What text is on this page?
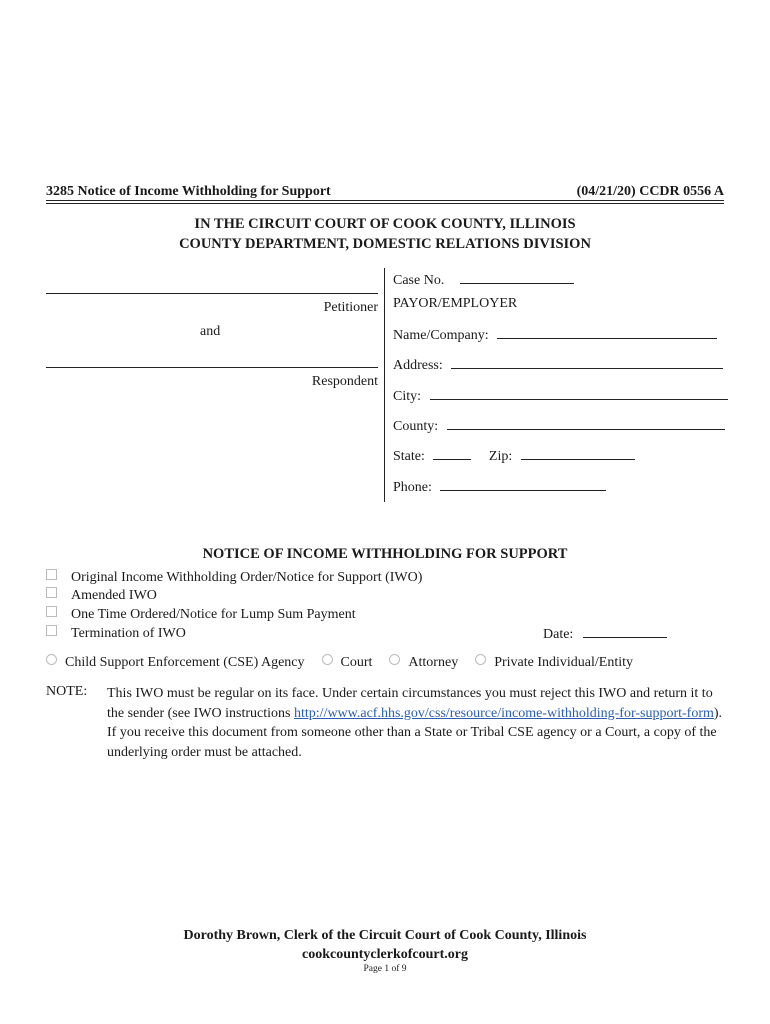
3285 Notice of Income Withholding for Support	(04/21/20) CCDR 0556 A
IN THE CIRCUIT COURT OF COOK COUNTY, ILLINOIS
COUNTY DEPARTMENT, DOMESTIC RELATIONS DIVISION
Petitioner
and
Respondent
Case No.
PAYOR/EMPLOYER
Name/Company:
Address:
City:
County:
State:	Zip:
Phone:
NOTICE OF INCOME WITHHOLDING FOR SUPPORT
Original Income Withholding Order/Notice for Support (IWO)
Amended IWO
One Time Ordered/Notice for Lump Sum Payment
Termination of IWO	Date:
Child Support Enforcement (CSE) Agency	Court	Attorney	Private Individual/Entity
NOTE: This IWO must be regular on its face. Under certain circumstances you must reject this IWO and return it to the sender (see IWO instructions http://www.acf.hhs.gov/css/resource/income-withholding-for-support-form). If you receive this document from someone other than a State or Tribal CSE agency or a Court, a copy of the underlying order must be attached.
Dorothy Brown, Clerk of the Circuit Court of Cook County, Illinois
cookcountyclerkofcourt.org
Page 1 of 9
